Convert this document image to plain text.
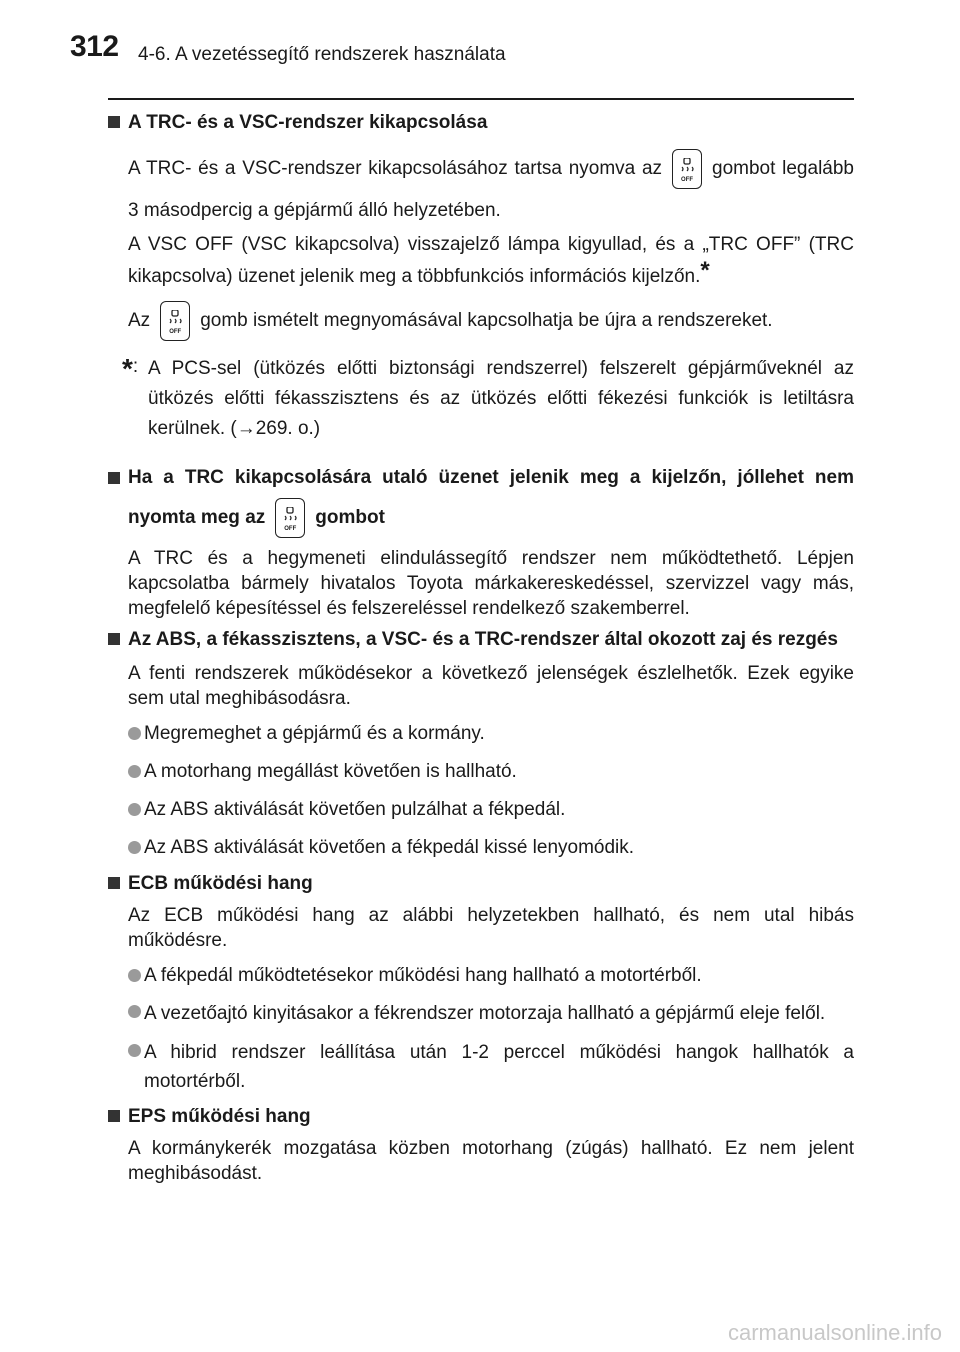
312 4-6. A vezetéssegítő rendszerek használata
A TRC- és a VSC-rendszer kikapcsolása

A TRC- és a VSC-rendszer kikapcsolásához tartsa nyomva az
OFF
gombot legalább 3 másodpercig a gépjármű álló helyzetében.

A VSC OFF (VSC kikapcsolva) visszajelző lámpa kigyullad, és a „TRC OFF” (TRC kikapcsolva) üzenet jelenik meg a többfunkciós információs kijelzőn.*

Az
OFF
gomb ismételt megnyomásával kapcsolhatja be újra a rendszereket.

*: A PCS-sel (ütközés előtti biztonsági rendszerrel) felszerelt gépjárműveknél az ütközés előtti fékasszisztens és az ütközés előtti fékezési funkciók is letiltásra kerülnek. (→269. o.)
Ha a TRC kikapcsolására utaló üzenet jelenik meg a kijelzőn, jóllehet nem nyomta meg az
OFF
gombot

A TRC és a hegymeneti elindulássegítő rendszer nem működtethető. Lépjen kapcsolatba bármely hivatalos Toyota márkakereskedéssel, szervizzel vagy más, megfelelő képesítéssel és felszereléssel rendelkező szakemberrel.

Az ABS, a fékasszisztens, a VSC- és a TRC-rendszer által okozott zaj és rezgés

A fenti rendszerek működésekor a következő jelenségek észlelhetők. Ezek egyike sem utal meghibásodásra.

Megremeghet a gépjármű és a kormány.
A motorhang megállást követően is hallható.
Az ABS aktiválását követően pulzálhat a fékpedál.
Az ABS aktiválását követően a fékpedál kissé lenyomódik.
ECB működési hang

Az ECB működési hang az alábbi helyzetekben hallható, és nem utal hibás működésre.

A fékpedál működtetésekor működési hang hallható a motortérből.
A vezetőajtó kinyitásakor a fékrendszer motorzaja hallható a gépjármű eleje felől.
A hibrid rendszer leállítása után 1-2 perccel működési hangok hallhatók a motortérből.
EPS működési hang

A kormánykerék mozgatása közben motorhang (zúgás) hallható. Ez nem jelent meghibásodást.

carmanualsonline.info
